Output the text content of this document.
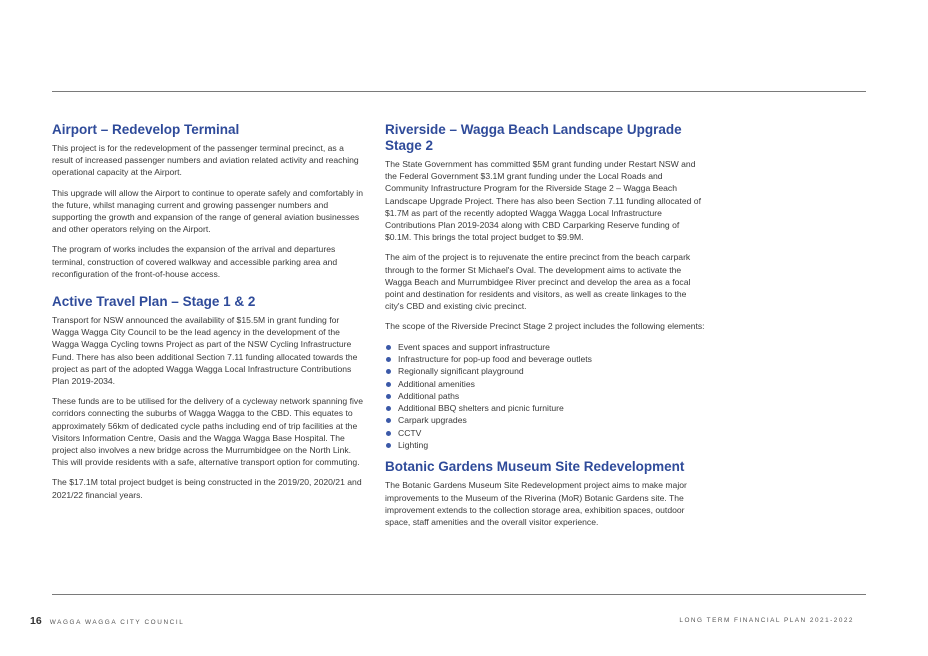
Airport – Redevelop Terminal

This project is for the redevelopment of the passenger terminal precinct, as a result of increased passenger numbers and aviation related activity and reaching operational capacity at the Airport.

This upgrade will allow the Airport to continue to operate safely and comfortably in the future, whilst managing current and growing passenger numbers and supporting the growth and expansion of the range of general aviation businesses and other operators relying on the Airport.

The program of works includes the expansion of the arrival and departures terminal, construction of covered walkway and accessible parking area and reconfiguration of the front-of-house access.

Active Travel Plan – Stage 1 & 2

Transport for NSW announced the availability of $15.5M in grant funding for Wagga Wagga City Council to be the lead agency in the development of the Wagga Wagga Cycling towns Project as part of the NSW Cycling Infrastructure Fund. There has also been additional Section 7.11 funding allocated towards the project as part of the adopted Wagga Wagga Local Infrastructure Contributions Plan 2019-2034.

These funds are to be utilised for the delivery of a cycleway network spanning five corridors connecting the suburbs of Wagga Wagga to the CBD. This equates to approximately 56km of dedicated cycle paths including end of trip facilities at the Visitors Information Centre, Oasis and the Wagga Wagga Base Hospital. The project also involves a new bridge across the Murrumbidgee on the North Link. This will provide residents with a safe, alternative transport option for commuting.

The $17.1M total project budget is being constructed in the 2019/20, 2020/21 and 2021/22 financial years.

Riverside – Wagga Beach Landscape Upgrade Stage 2

The State Government has committed $5M grant funding under Restart NSW and the Federal Government $3.1M grant funding under the Local Roads and Community Infrastructure Program for the Riverside Stage 2 – Wagga Beach Landscape Upgrade Project. There has also been Section 7.11 funding allocated of $1.7M as part of the recently adopted Wagga Wagga Local Infrastructure Contributions Plan 2019-2034 along with CBD Carparking Reserve funding of $0.1M. This brings the total project budget to $9.9M.

The aim of the project is to rejuvenate the entire precinct from the beach carpark through to the former St Michael's Oval. The development aims to activate the Wagga Beach and Murrumbidgee River precinct and develop the area as a focal point and destination for residents and visitors, as well as create linkages to the city's CBD and existing civic precinct.

The scope of the Riverside Precinct Stage 2 project includes the following elements:

Event spaces and support infrastructure
Infrastructure for pop-up food and beverage outlets
Regionally significant playground
Additional amenities
Additional paths
Additional BBQ shelters and picnic furniture
Carpark upgrades
CCTV
Lighting
Botanic Gardens Museum Site Redevelopment

The Botanic Gardens Museum Site Redevelopment project aims to make major improvements to the Museum of the Riverina (MoR) Botanic Gardens site. The improvement extends to the collection storage area, exhibition spaces, outdoor space, staff amenities and the overall visitor experience.

16 WAGGA WAGGA CITY COUNCIL	LONG TERM FINANCIAL PLAN 2021-2022
